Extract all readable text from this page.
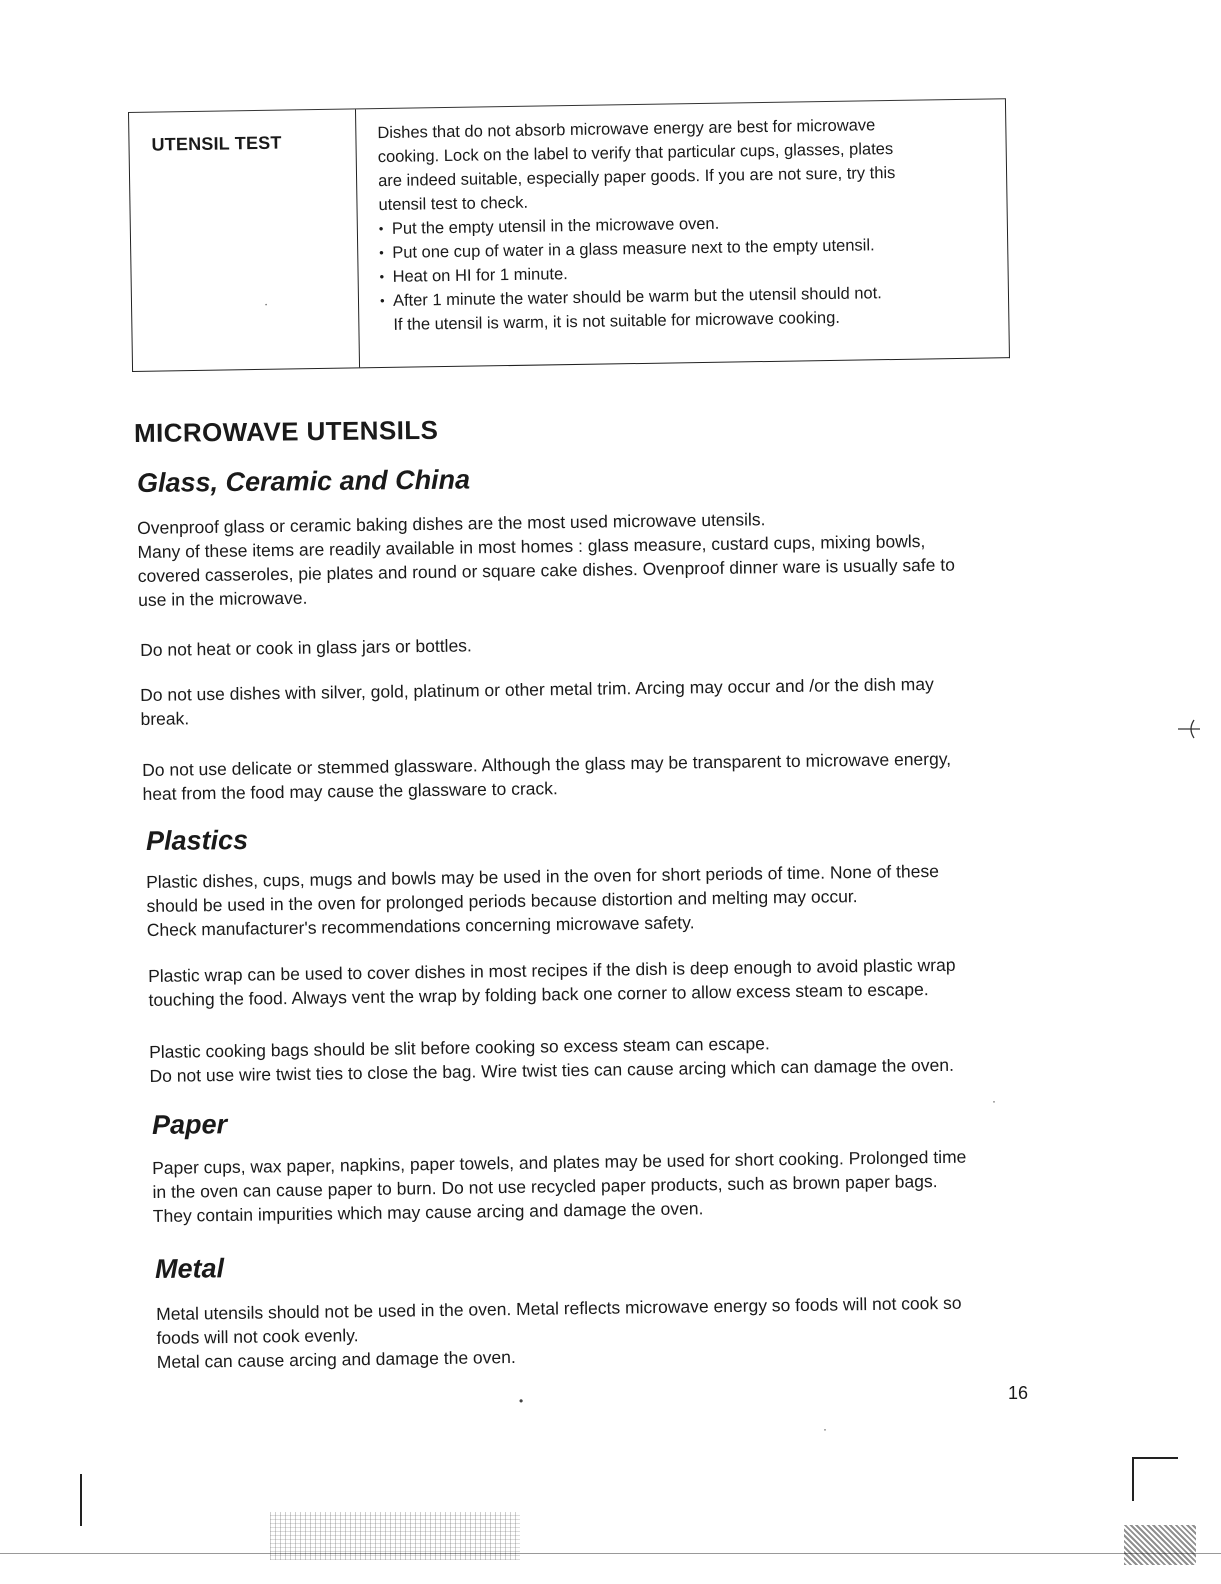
UTENSIL TEST
·
Dishes that do not absorb microwave energy are best for microwave
cooking. Lock on the label to verify that particular cups, glasses, plates
are indeed suitable, especially paper goods. If you are not sure, try this
utensil test to check.
• Put the empty utensil in the microwave oven.
• Put one cup of water in a glass measure next to the empty utensil.
• Heat on HI for 1 minute.
• After 1 minute the water should be warm but the utensil should not.
If the utensil is warm, it is not suitable for microwave cooking.
MICROWAVE UTENSILS
Glass, Ceramic and China

Ovenproof glass or ceramic baking dishes are the most used microwave utensils.

Many of these items are readily available in most homes : glass measure, custard cups, mixing bowls,

covered casseroles, pie plates and round or square cake dishes. Ovenproof dinner ware is usually safe to

use in the microwave.

Do not heat or cook in glass jars or bottles.

Do not use dishes with silver, gold, platinum or other metal trim. Arcing may occur and /or the dish may

break.

Do not use delicate or stemmed glassware. Although the glass may be transparent to microwave energy,

heat from the food may cause the glassware to crack.

Plastics

Plastic dishes, cups, mugs and bowls may be used in the oven for short periods of time. None of these

should be used in the oven for prolonged periods because distortion and melting may occur.

Check manufacturer's recommendations concerning microwave safety.

Plastic wrap can be used to cover dishes in most recipes if the dish is deep enough to avoid plastic wrap

touching the food. Always vent the wrap by folding back one corner to allow excess steam to escape.

Plastic cooking bags should be slit before cooking so excess steam can escape.

Do not use wire twist ties to close the bag. Wire twist ties can cause arcing which can damage the oven.

Paper

Paper cups, wax paper, napkins, paper towels, and plates may be used for short cooking. Prolonged time

in the oven can cause paper to burn. Do not use recycled paper products, such as brown paper bags.

They contain impurities which may cause arcing and damage the oven.

Metal

Metal utensils should not be used in the oven. Metal reflects microwave energy so foods will not cook so

foods will not cook evenly.

Metal can cause arcing and damage the oven.

16
•
·
·
